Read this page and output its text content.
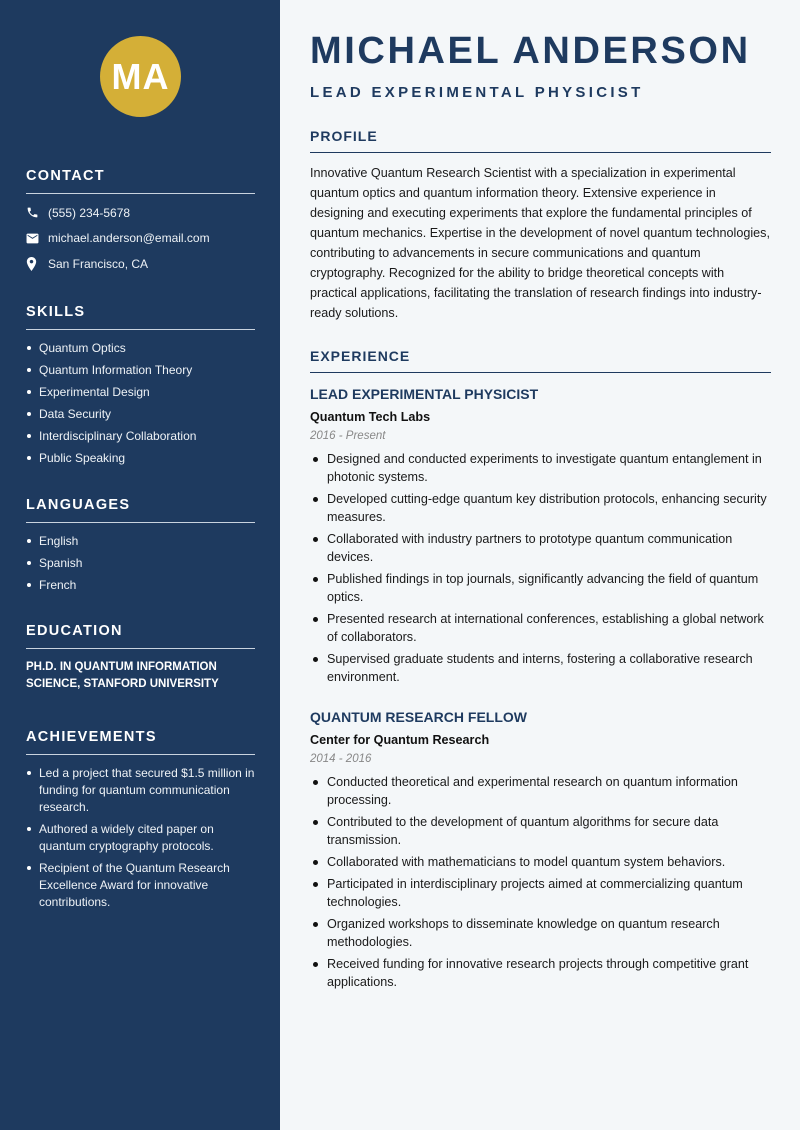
MA
CONTACT
(555) 234-5678
michael.anderson@email.com
San Francisco, CA
SKILLS
Quantum Optics
Quantum Information Theory
Experimental Design
Data Security
Interdisciplinary Collaboration
Public Speaking
LANGUAGES
English
Spanish
French
EDUCATION

PH.D. IN QUANTUM INFORMATION SCIENCE, STANFORD UNIVERSITY

ACHIEVEMENTS
Led a project that secured $1.5 million in funding for quantum communication research.
Authored a widely cited paper on quantum cryptography protocols.
Recipient of the Quantum Research Excellence Award for innovative contributions.
MICHAEL ANDERSON
LEAD EXPERIMENTAL PHYSICIST
PROFILE

Innovative Quantum Research Scientist with a specialization in experimental quantum optics and quantum information theory. Extensive experience in designing and executing experiments that explore the fundamental principles of quantum mechanics. Expertise in the development of novel quantum technologies, contributing to advancements in secure communications and quantum cryptography. Recognized for the ability to bridge theoretical concepts with practical applications, facilitating the translation of research findings into industry-ready solutions.

EXPERIENCE
LEAD EXPERIMENTAL PHYSICIST
Quantum Tech Labs
2016 - Present
Designed and conducted experiments to investigate quantum entanglement in photonic systems.
Developed cutting-edge quantum key distribution protocols, enhancing security measures.
Collaborated with industry partners to prototype quantum communication devices.
Published findings in top journals, significantly advancing the field of quantum optics.
Presented research at international conferences, establishing a global network of collaborators.
Supervised graduate students and interns, fostering a collaborative research environment.
QUANTUM RESEARCH FELLOW
Center for Quantum Research
2014 - 2016
Conducted theoretical and experimental research on quantum information processing.
Contributed to the development of quantum algorithms for secure data transmission.
Collaborated with mathematicians to model quantum system behaviors.
Participated in interdisciplinary projects aimed at commercializing quantum technologies.
Organized workshops to disseminate knowledge on quantum research methodologies.
Received funding for innovative research projects through competitive grant applications.
